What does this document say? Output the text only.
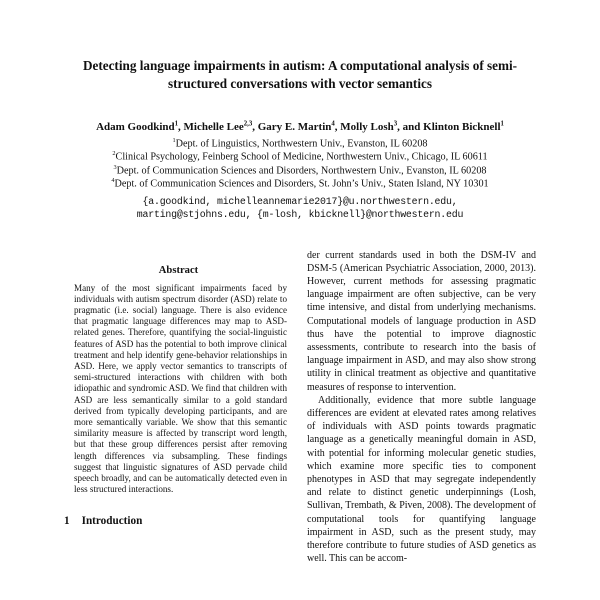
Detecting language impairments in autism: A computational analysis of semi-structured conversations with vector semantics
Adam Goodkind$^1$, Michelle Lee$^{2,3}$, Gary E. Martin$^4$, Molly Losh$^3$, and Klinton Bicknell$^1$
$^1$Dept. of Linguistics, Northwestern Univ., Evanston, IL 60208
$^2$Clinical Psychology, Feinberg School of Medicine, Northwestern Univ., Chicago, IL 60611
$^3$Dept. of Communication Sciences and Disorders, Northwestern Univ., Evanston, IL 60208
$^4$Dept. of Communication Sciences and Disorders, St. John’s Univ., Staten Island, NY 10301
{a.goodkind, michelleannemarie2017}@u.northwestern.edu,
marting@stjohns.edu, {m-losh, kbicknell}@northwestern.edu
Abstract

Many of the most significant impairments faced by individuals with autism spectrum disorder (ASD) relate to pragmatic (i.e. social) language. There is also evidence that pragmatic language differences may map to ASD-related genes. Therefore, quantifying the social-linguistic features of ASD has the potential to both improve clinical treatment and help identify gene-behavior relationships in ASD. Here, we apply vector semantics to transcripts of semi-structured interactions with children with both idiopathic and syndromic ASD. We find that children with ASD are less semantically similar to a gold standard derived from typically developing participants, and are more semantically variable. We show that this semantic similarity measure is affected by transcript word length, but that these group differences persist after removing length differences via subsampling. These findings suggest that linguistic signatures of ASD pervade child speech broadly, and can be automatically detected even in less structured interactions.

1 Introduction

der current standards used in both the DSM-IV and DSM-5 (American Psychiatric Association, 2000, 2013). However, current methods for assessing pragmatic language impairment are often subjective, can be very time intensive, and distal from underlying mechanisms. Computational models of language production in ASD thus have the potential to improve diagnostic assessments, contribute to research into the basis of language impairment in ASD, and may also show strong utility in clinical treatment as objective and quantitative measures of response to intervention.

Additionally, evidence that more subtle language differences are evident at elevated rates among relatives of individuals with ASD points towards pragmatic language as a genetically meaningful domain in ASD, with potential for informing molecular genetic studies, which examine more specific ties to component phenotypes in ASD that may segregate independently and relate to distinct genetic underpinnings (Losh, Sullivan, Trembath, & Piven, 2008). The development of computational tools for quantifying language impairment in ASD, such as the present study, may therefore contribute to future studies of ASD genetics as well. This can be accom-
